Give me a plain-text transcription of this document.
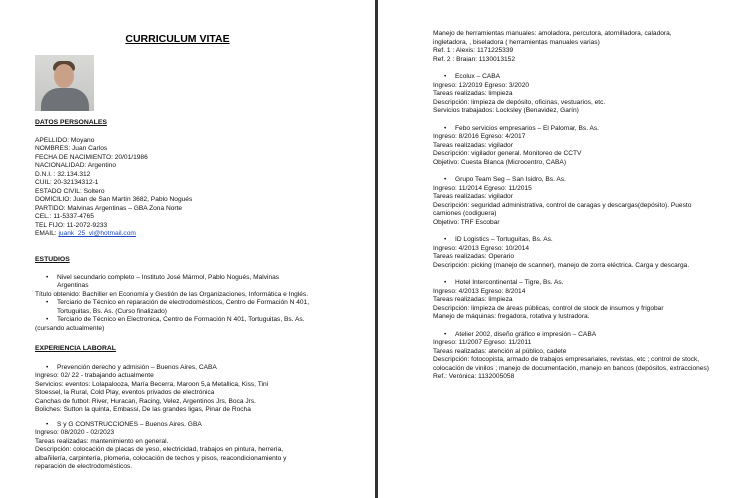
CURRICULUM VITAE
DATOS PERSONALES
APELLIDO: Moyano
NOMBRES: Juan Carlos
FECHA DE NACIMIENTO: 20/01/1986
NACIONALIDAD: Argentino
D.N.I. : 32.134.312
CUIL: 20-32134312-1
ESTADO CIVIL: Soltero
DOMICILIO: Juan de San Martín 3682, Pablo Nogués
PARTIDO: Malvinas Argentinas – GBA Zona Norte
CEL.: 11-5337-4765
TEL FIJO: 11-2072-9233
EMAIL: juank_25_vl@hotmail.com
ESTUDIOS
• Nivel secundario completo – Instituto José Mármol, Pablo Nogués, Malvinas
Argentinas
Título obtenido: Bachiller en Economía y Gestión de las Organizaciones, Informática e Inglés.
• Terciario de Técnico en reparación de electrodomésticos, Centro de Formación N 401,
Tortuguitas, Bs. As. (Curso finalizado)
• Terciario de Técnico en Electronica, Centro de Formación N 401, Tortuguitas, Bs. As.
(cursando actualmente)
EXPERIENCIA LABORAL
• Prevención derecho y admisión – Buenos Aires, CABA
Ingreso: 02/ 22 - trabajando actualmente
Servicios: eventos: Lolapalooza, María Becerra, Maroon 5,a Metallica, Kiss, Tini
Stoessel, la Rural, Cold Play, eventos privados de electrónica
Canchas de futbol: River, Huracan, Racing, Velez, Argentinos Jrs, Boca Jrs.
Boliches: Sutton la quinta, Embassi, De las grandes ligas, Pinar de Rocha
• S y G CONSTRUCCIONES – Buenos Aires. GBA
Ingreso: 08/2020 - 02/2023
Tareas realizadas: mantenimiento en general.
Descripción: colocación de placas de yeso, electricidad, trabajos en pintura, herrería,
albañilería, carpintería, plomeria, colocación de techos y pisos, reacondicionamiento y
reparación de electrodomésticos.
Manejo de herramientas manuales: amoladora, percutora, atornilladora, caladora,
ingletadora, , biseladora ( herramientas manuales varias)
Ref. 1 : Alexis: 1171225339
Ref. 2 : Braian: 1130013152
• Ecolux – CABA
Ingreso: 12/2019 Egreso: 3/2020
Tareas realizadas: limpieza
Descripción: limpieza de depósito, oficinas, vestuarios, etc.
Servicios trabajados: Locksley (Benavidez, Garín)
• Febo servicios empresarios – El Palomar, Bs. As.
Ingreso: 8/2016 Egreso: 4/2017
Tareas realizadas: vigilador
Descripción: vigilador general. Monitoreo de CCTV
Objetivo: Cuesta Blanca (Microcentro, CABA)
• Grupo Team Seg – San Isidro, Bs. As.
Ingreso: 11/2014 Egreso: 11/2015
Tareas realizadas: vigilador
Descripción: seguridad administrativa, control de caragas y descargas(depósito). Puesto
camiones (codiguera)
Objetivo: TRF Escobar
• ID Logistics – Tortuguitas, Bs. As.
Ingreso: 4/2013 Egreso: 10/2014
Tareas realizadas: Operario
Descripción: picking (manejo de scanner), manejo de zorra eléctrica. Carga y descarga.
• Hotel Intercontinental – Tigre, Bs. As.
Ingreso: 4/2013 Egreso: 8/2014
Tareas realizadas: limpieza
Descripción: limpieza de áreas públicas, control de stock de insumos y frigobar
Manejo de máquinas: fregadora, rotativa y lustradora.
• Atelier 2002, diseño gráfico e impresión – CABA
Ingreso: 11/2007 Egreso: 11/2011
Tareas realizadas: atención al público, cadete
Descripción: fotocopista, armado de trabajos empresariales, revistas, etc ; control de stock,
colocación de vinilos ; manejo de documentación, manejo en bancos (depósitos, extracciones)
Ref.: Verónica: 1132005058
